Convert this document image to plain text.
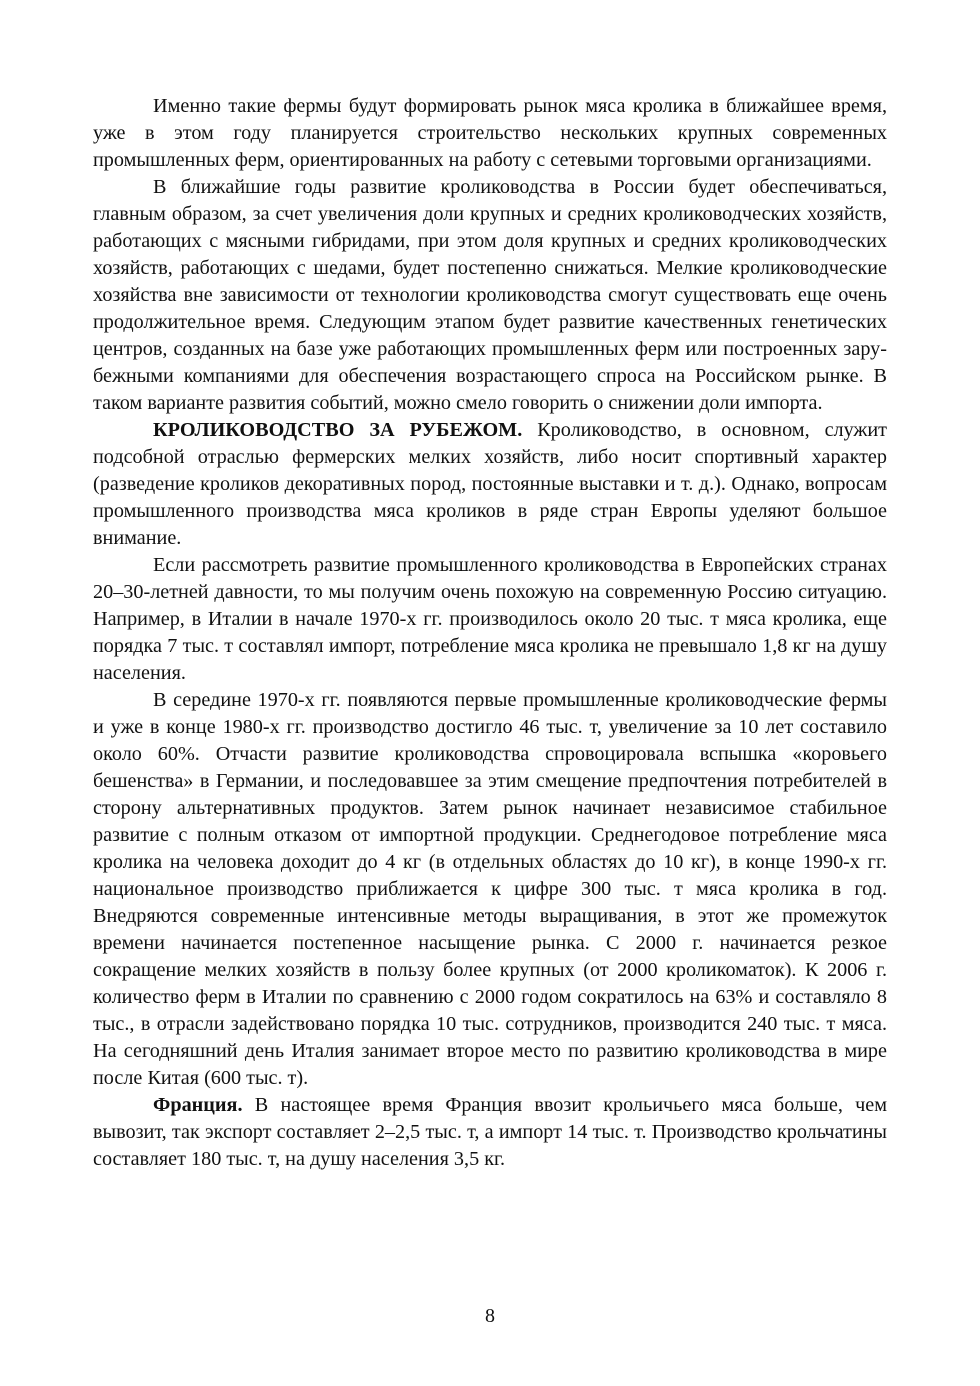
Именно такие фермы будут формировать рынок мяса кролика в ближайшее время, уже в этом году планируется строительство нескольких крупных современных промышленных ферм, ориентированных на работу с сетевыми торговыми организациями.

В ближайшие годы развитие кролиководства в России будет обеспечиваться, главным образом, за счет увеличения доли крупных и средних кролиководческих хозяйств, работающих с мясными гибридами, при этом доля крупных и средних кролиководческих хозяйств, работающих с шедами, будет постепенно снижаться. Мелкие кролиководческие хозяйства вне зависимости от технологии кролиководства смогут существовать еще очень продолжительное время. Следующим этапом будет развитие качественных генетических центров, созданных на базе уже работающих промышленных ферм или построенных зарубежными компаниями для обеспечения возрастающего спроса на Российском рынке. В таком варианте развития событий, можно смело говорить о снижении доли импорта.

КРОЛИКОВОДСТВО ЗА РУБЕЖОМ. Кролиководство, в основном, служит подсобной отраслью фермерских мелких хозяйств, либо носит спортивный характер (разведение кроликов декоративных пород, постоянные выставки и т. д.). Однако, вопросам промышленного производства мяса кроликов в ряде стран Европы уделяют большое внимание.

Если рассмотреть развитие промышленного кролиководства в Европейских странах 20–30-летней давности, то мы получим очень похожую на современную Россию ситуацию. Например, в Италии в начале 1970-х гг. производилось около 20 тыс. т мяса кролика, еще порядка 7 тыс. т составлял импорт, потребление мяса кролика не превышало 1,8 кг на душу населения.

В середине 1970-х гг. появляются первые промышленные кролиководческие фермы и уже в конце 1980-х гг. производство достигло 46 тыс. т, увеличение за 10 лет составило около 60%. Отчасти развитие кролиководства спровоцировала вспышка «коровьего бешенства» в Германии, и последовавшее за этим смещение предпочтения потребителей в сторону альтернативных продуктов. Затем рынок начинает независимое стабильное развитие с полным отказом от импортной продукции. Среднегодовое потребление мяса кролика на человека доходит до 4 кг (в отдельных областях до 10 кг), в конце 1990-х гг. национальное производство приближается к цифре 300 тыс. т мяса кролика в год. Внедряются современные интенсивные методы выращивания, в этот же промежуток времени начинается постепенное насыщение рынка. С 2000 г. начинается резкое сокращение мелких хозяйств в пользу более крупных (от 2000 кроликоматок). К 2006 г. количество ферм в Италии по сравнению с 2000 годом сократилось на 63% и составляло 8 тыс., в отрасли задействовано порядка 10 тыс. сотрудников, производится 240 тыс. т мяса. На сегодняшний день Италия занимает второе место по развитию кролиководства в мире после Китая (600 тыс. т).

Франция. В настоящее время Франция ввозит крольичьего мяса больше, чем вывозит, так экспорт составляет 2–2,5 тыс. т, а импорт 14 тыс. т. Производство крольчатины составляет 180 тыс. т, на душу населения 3,5 кг.

8
